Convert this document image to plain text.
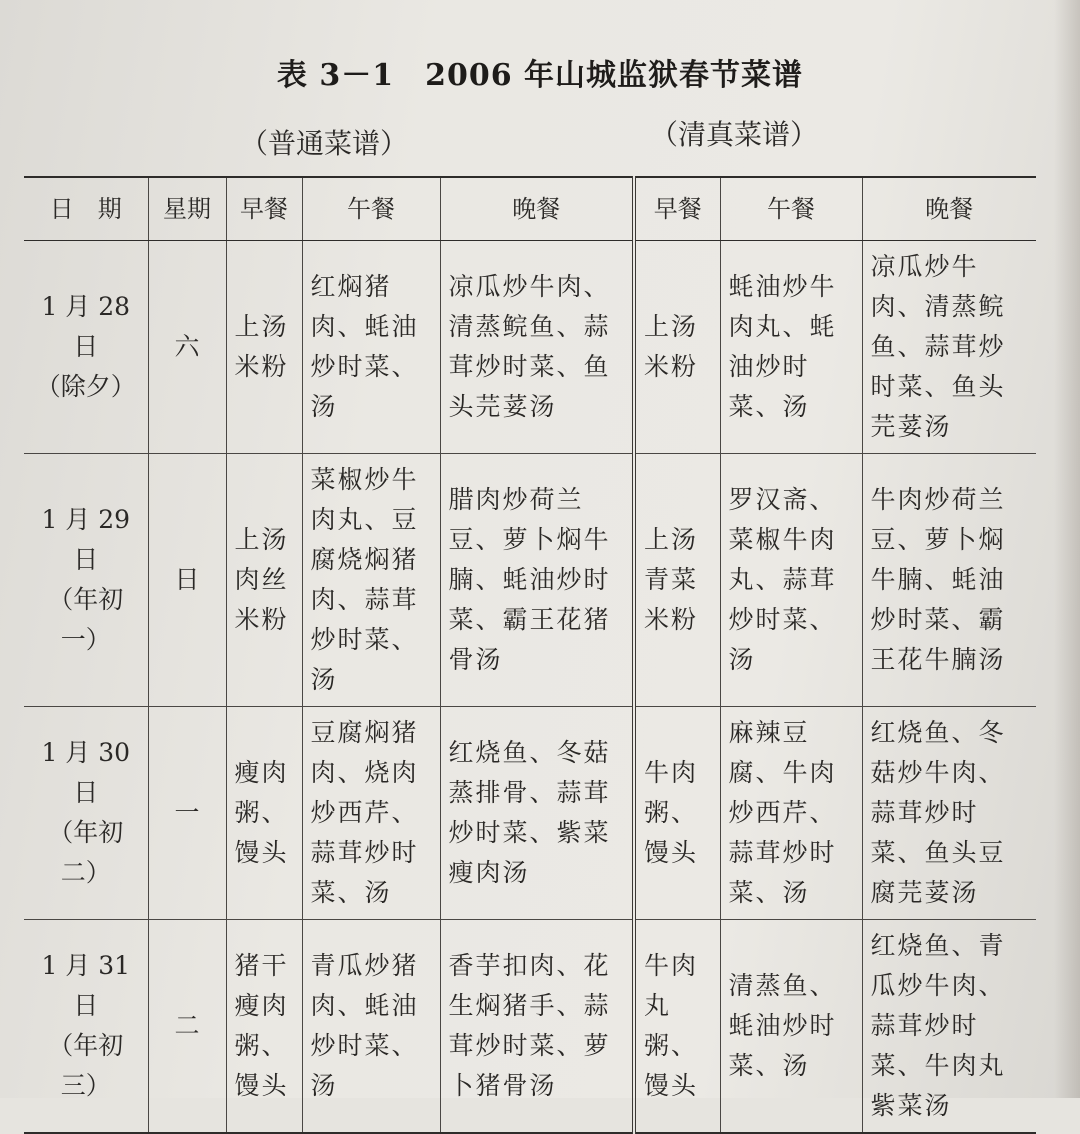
表 3－1　2006 年山城监狱春节菜谱
（普通菜谱）	（清真菜谱）
日　期	星期	早餐	午餐	晚餐	早餐	午餐	晚餐

1 月 28 日
（除夕）	六	上汤米粉	红焖猪肉、蚝油炒时菜、汤	凉瓜炒牛肉、清蒸鲩鱼、蒜茸炒时菜、鱼头芫荽汤	上汤米粉	蚝油炒牛肉丸、蚝油炒时菜、汤	凉瓜炒牛肉、清蒸鲩鱼、蒜茸炒时菜、鱼头芫荽汤

1 月 29 日
（年初一）	日	上汤肉丝米粉	菜椒炒牛肉丸、豆腐烧焖猪肉、蒜茸炒时菜、汤	腊肉炒荷兰豆、萝卜焖牛腩、蚝油炒时菜、霸王花猪骨汤	上汤青菜米粉	罗汉斋、菜椒牛肉丸、蒜茸炒时菜、汤	牛肉炒荷兰豆、萝卜焖牛腩、蚝油炒时菜、霸王花牛腩汤

1 月 30 日
（年初二）	一	瘦肉粥、馒头	豆腐焖猪肉、烧肉炒西芹、蒜茸炒时菜、汤	红烧鱼、冬菇蒸排骨、蒜茸炒时菜、紫菜瘦肉汤	牛肉粥、馒头	麻辣豆腐、牛肉炒西芹、蒜茸炒时菜、汤	红烧鱼、冬菇炒牛肉、蒜茸炒时菜、鱼头豆腐芫荽汤

1 月 31 日
（年初三）	二	猪干瘦肉粥、馒头	青瓜炒猪肉、蚝油炒时菜、汤	香芋扣肉、花生焖猪手、蒜茸炒时菜、萝卜猪骨汤	牛肉丸粥、馒头	清蒸鱼、蚝油炒时菜、汤	红烧鱼、青瓜炒牛肉、蒜茸炒时菜、牛肉丸紫菜汤
